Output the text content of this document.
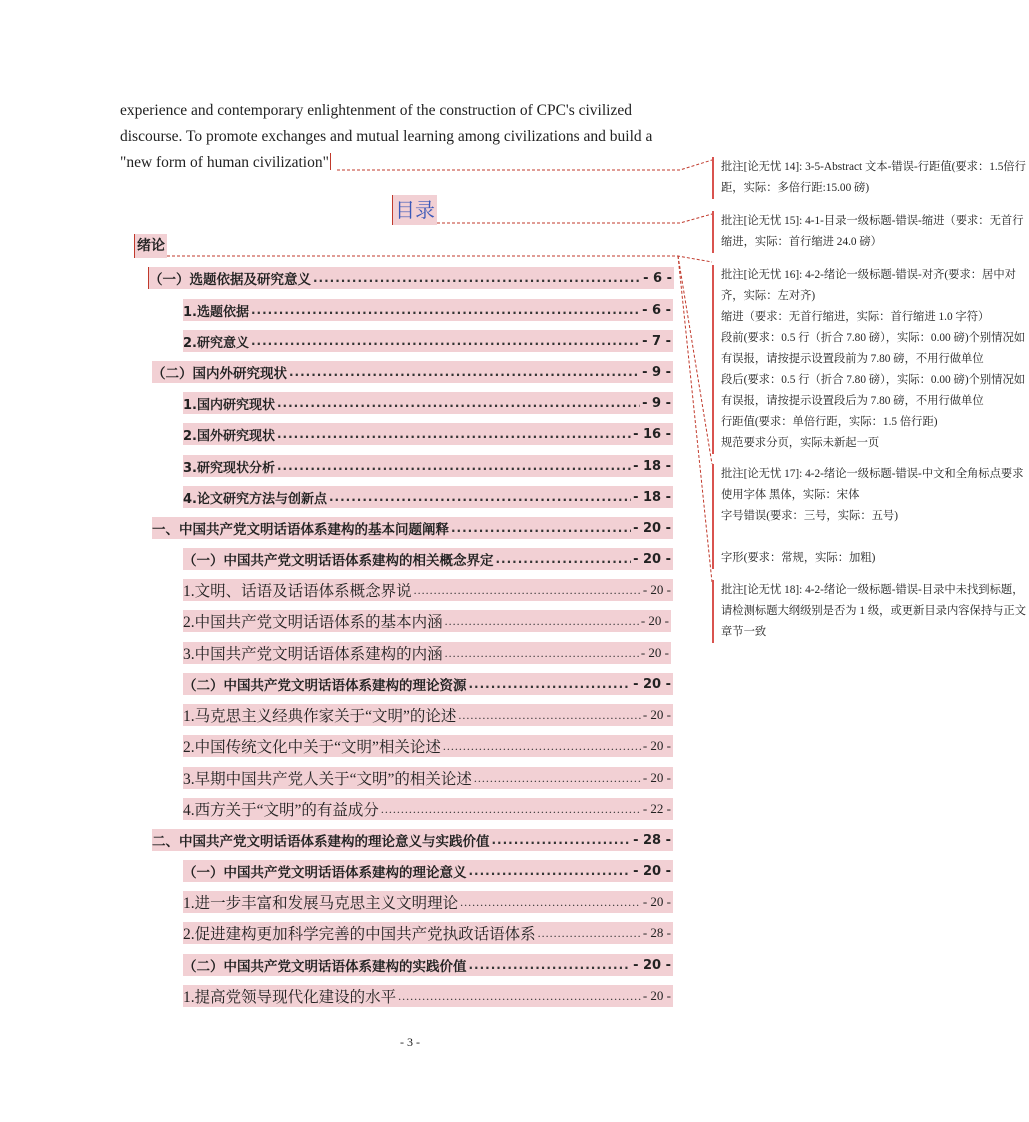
experience and contemporary enlightenment of the construction of CPC's civilized
discourse. To promote exchanges and mutual learning among civilizations and build a
"new form of human civilization"
目录
绪论
（一）选题依据及研究意义 .....	- 6 -
1.选题依据 .....	- 6 -
2.研究意义 .....	- 7 -
（二）国内外研究现状 .....	- 9 -
1.国内研究现状 .....	- 9 -
2.国外研究现状 .....	- 16 -
3.研究现状分析 .....	- 18 -
4.论文研究方法与创新点 .....	- 18 -
一、中国共产党文明话语体系建构的基本问题阐释 .....	- 20 -
（一）中国共产党文明话语体系建构的相关概念界定 .....	- 20 -
1.文明、话语及话语体系概念界说 .....	- 20 -
2.中国共产党文明话语体系的基本内涵 .....	- 20 -
3.中国共产党文明话语体系建构的内涵 .....	- 20 -
（二）中国共产党文明话语体系建构的理论资源 .....	- 20 -
1.马克思主义经典作家关于“文明”的论述 .....	- 20 -
2.中国传统文化中关于“文明”相关论述 .....	- 20 -
3.早期中国共产党人关于“文明”的相关论述 .....	- 20 -
4.西方关于“文明”的有益成分 .....	- 22 -
二、中国共产党文明话语体系建构的理论意义与实践价值 .....	- 28 -
（一）中国共产党文明话语体系建构的理论意义 .....	- 20 -
1.进一步丰富和发展马克思主义文明理论 .....	- 20 -
2.促进建构更加科学完善的中国共产党执政话语体系 .....	- 28 -
（二）中国共产党文明话语体系建构的实践价值 .....	- 20 -
1.提高党领导现代化建设的水平 .....	- 20 -
- 3 -
批注[论无忧 14]: 3-5-Abstract 文本-错误-行距值(要求：1.5倍行距，实际：多倍行距:15.00 磅)
批注[论无忧 15]: 4-1-目录一级标题-错误-缩进（要求：无首行缩进，实际：首行缩进 24.0 磅）
批注[论无忧 16]: 4-2-绪论一级标题-错误-对齐(要求：居中对齐，实际：左对齐)
缩进（要求：无首行缩进，实际：首行缩进 1.0 字符）
段前(要求：0.5 行（折合 7.80 磅），实际：0.00 磅)个别情况如有误报，请按提示设置段前为 7.80 磅，不用行做单位
段后(要求：0.5 行（折合 7.80 磅），实际：0.00 磅)个别情况如有误报，请按提示设置段后为 7.80 磅，不用行做单位
行距值(要求：单倍行距，实际：1.5 倍行距)
规范要求分页，实际未新起一页
批注[论无忧 17]: 4-2-绪论一级标题-错误-中文和全角标点要求使用字体 黑体，实际：宋体
字号错误(要求：三号，实际：五号)
字形(要求：常规，实际：加粗)
批注[论无忧 18]: 4-2-绪论一级标题-错误-目录中未找到标题，请检测标题大纲级别是否为 1 级，或更新目录内容保持与正文章节一致
